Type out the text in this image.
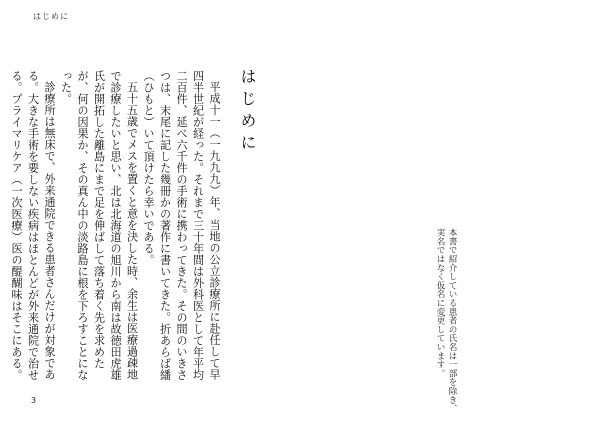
はじめに
はじめに

平成十一（一九九九）年、当地の公立診療所に赴任して早四半世紀が経った。それまで三十年間は外科医として年平均二百件、延べ六千件の手術に携わってきた。その間のいきさつは、末尾に記した幾冊かの著作に書いてきた。折あらば繙（ひもと）いて頂けたら幸いである。

五十五歳でメスを置くと意を決した時、余生は医療過疎地で診療したいと思い、北は北海道の旭川から南は故徳田虎雄氏が開拓した離島にまで足を伸ばして落ち着く先を求めたが、何の因果か、その真ん中の淡路島に根を下ろすことになった。

診療所は無床で、外来通院できる患者さんだけが対象である。大きな手術を要しない疾病はほとんどが外来通院で治せる。プライマリケア（一次医療）医の醍醐味はそこにある。	本書で紹介している患者の氏名は一部を除き、
実名ではなく仮名に変更しています。
3
